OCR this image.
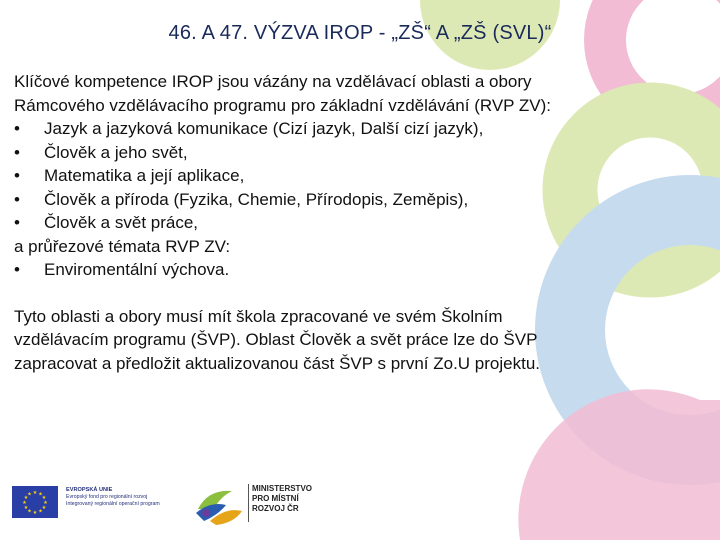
46. A 47. VÝZVA IROP - „ZŠ“ A „ZŠ (SVL)“
Klíčové kompetence IROP jsou vázány na vzdělávací oblasti a obory
Rámcového vzdělávacího programu pro základní vzdělávání (RVP ZV):
• Jazyk a jazyková komunikace (Cizí jazyk, Další cizí jazyk),
• Člověk a jeho svět,
• Matematika a její aplikace,
• Člověk a příroda (Fyzika, Chemie, Přírodopis, Zeměpis),
• Člověk a svět práce,
a průřezové témata RVP ZV:
• Enviromentální výchova.
Tyto oblasti a obory musí mít škola zpracované ve svém Školním
vzdělávacím programu (ŠVP). Oblast Člověk a svět práce lze do ŠVP
zapracovat a předložit aktualizovanou část ŠVP s první Zo.U projektu.
★ ★
★
★
★
★
★
★
★
★
★
★
EVROPSKÁ UNIE
Evropský fond pro regionální rozvoj
Integrovaný regionální operační program
MINISTERSTVO
PRO MÍSTNÍ
ROZVOJ ČR
